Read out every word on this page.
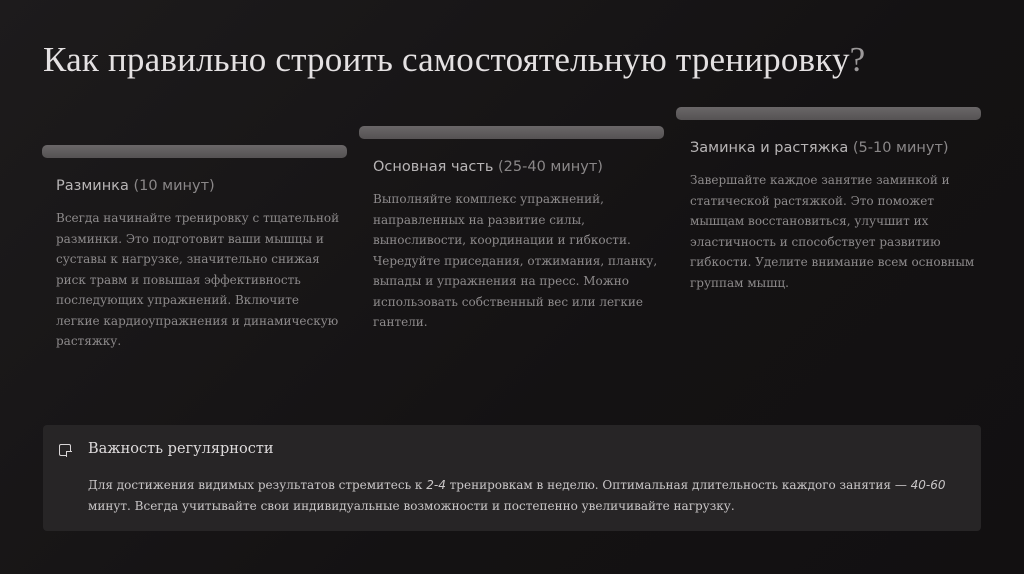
Как правильно строить самостоятельную тренировку?
Разминка (10 минут)
Всегда начинайте тренировку с тщательной разминки. Это подготовит ваши мышцы и суставы к нагрузке, значительно снижая риск травм и повышая эффективность последующих упражнений. Включите легкие кардиоупражнения и динамическую растяжку.
Основная часть (25-40 минут)
Выполняйте комплекс упражнений, направленных на развитие силы, выносливости, координации и гибкости. Чередуйте приседания, отжимания, планку, выпады и упражнения на пресс. Можно использовать собственный вес или легкие гантели.
Заминка и растяжка (5-10 минут)
Завершайте каждое занятие заминкой и статической растяжкой. Это поможет мышцам восстановиться, улучшит их эластичность и способствует развитию гибкости. Уделите внимание всем основным группам мышц.
Важность регулярности
Для достижения видимых результатов стремитесь к 2-4 тренировкам в неделю. Оптимальная длительность каждого занятия — 40-60 минут. Всегда учитывайте свои индивидуальные возможности и постепенно увеличивайте нагрузку.
